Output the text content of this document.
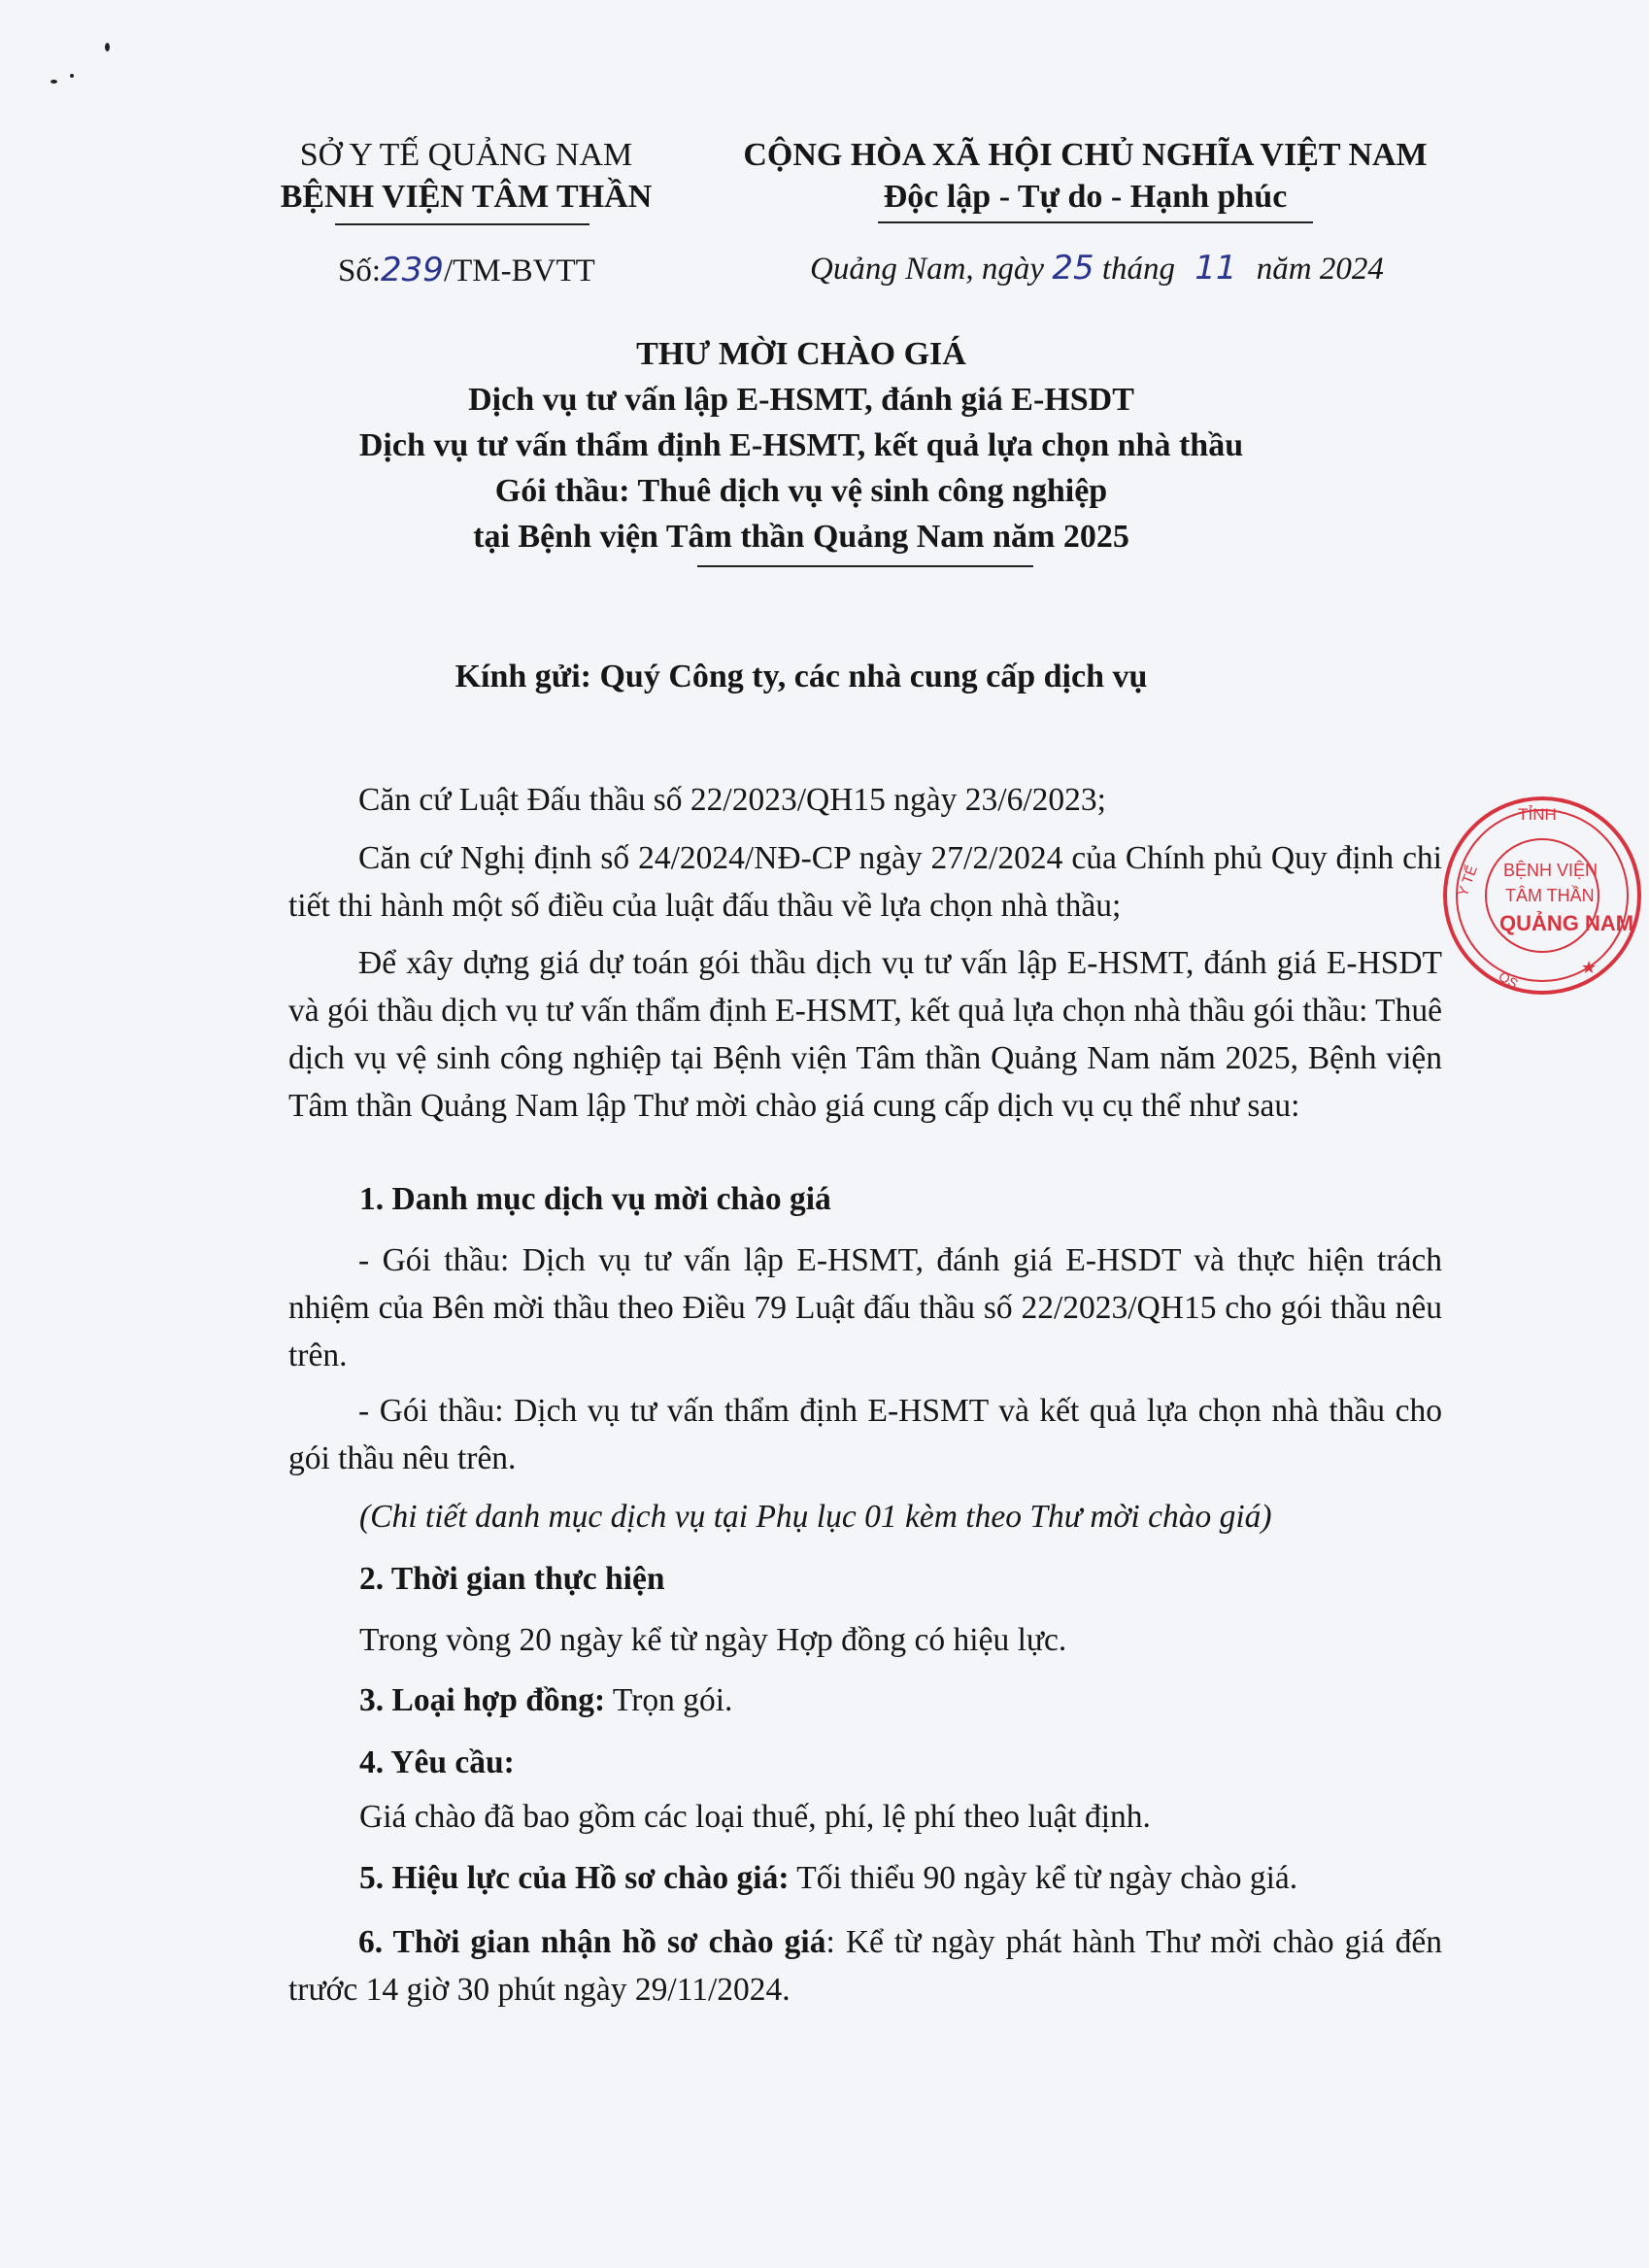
SỞ Y TẾ QUẢNG NAM
BỆNH VIỆN TÂM THẦN
Số:239/TM-BVTT
CỘNG HÒA XÃ HỘI CHỦ NGHĨA VIỆT NAM
Độc lập - Tự do - Hạnh phúc
Quảng Nam, ngày 25 tháng 11 năm 2024
THƯ MỜI CHÀO GIÁ
Dịch vụ tư vấn lập E-HSMT, đánh giá E-HSDT
Dịch vụ tư vấn thẩm định E-HSMT, kết quả lựa chọn nhà thầu
Gói thầu: Thuê dịch vụ vệ sinh công nghiệp
tại Bệnh viện Tâm thần Quảng Nam năm 2025
Kính gửi: Quý Công ty, các nhà cung cấp dịch vụ
Căn cứ Luật Đấu thầu số 22/2023/QH15 ngày 23/6/2023;
Căn cứ Nghị định số 24/2024/NĐ-CP ngày 27/2/2024 của Chính phủ Quy định chi tiết thi hành một số điều của luật đấu thầu về lựa chọn nhà thầu;
Để xây dựng giá dự toán gói thầu dịch vụ tư vấn lập E-HSMT, đánh giá E-HSDT và gói thầu dịch vụ tư vấn thẩm định E-HSMT, kết quả lựa chọn nhà thầu gói thầu: Thuê dịch vụ vệ sinh công nghiệp tại Bệnh viện Tâm thần Quảng Nam năm 2025, Bệnh viện Tâm thần Quảng Nam lập Thư mời chào giá cung cấp dịch vụ cụ thể như sau:
1. Danh mục dịch vụ mời chào giá
- Gói thầu: Dịch vụ tư vấn lập E-HSMT, đánh giá E-HSDT và thực hiện trách nhiệm của Bên mời thầu theo Điều 79 Luật đấu thầu số 22/2023/QH15 cho gói thầu nêu trên.
- Gói thầu: Dịch vụ tư vấn thẩm định E-HSMT và kết quả lựa chọn nhà thầu cho gói thầu nêu trên.
(Chi tiết danh mục dịch vụ tại Phụ lục 01 kèm theo Thư mời chào giá)
2. Thời gian thực hiện
Trong vòng 20 ngày kể từ ngày Hợp đồng có hiệu lực.
3. Loại hợp đồng: Trọn gói.
4. Yêu cầu:
Giá chào đã bao gồm các loại thuế, phí, lệ phí theo luật định.
5. Hiệu lực của Hồ sơ chào giá: Tối thiểu 90 ngày kể từ ngày chào giá.
6. Thời gian nhận hồ sơ chào giá: Kể từ ngày phát hành Thư mời chào giá đến trước 14 giờ 30 phút ngày 29/11/2024.
TỈNH
BỆNH VIỆN
TÂM THẦN
QUẢNG NAM
Y TẾ
QS
★
